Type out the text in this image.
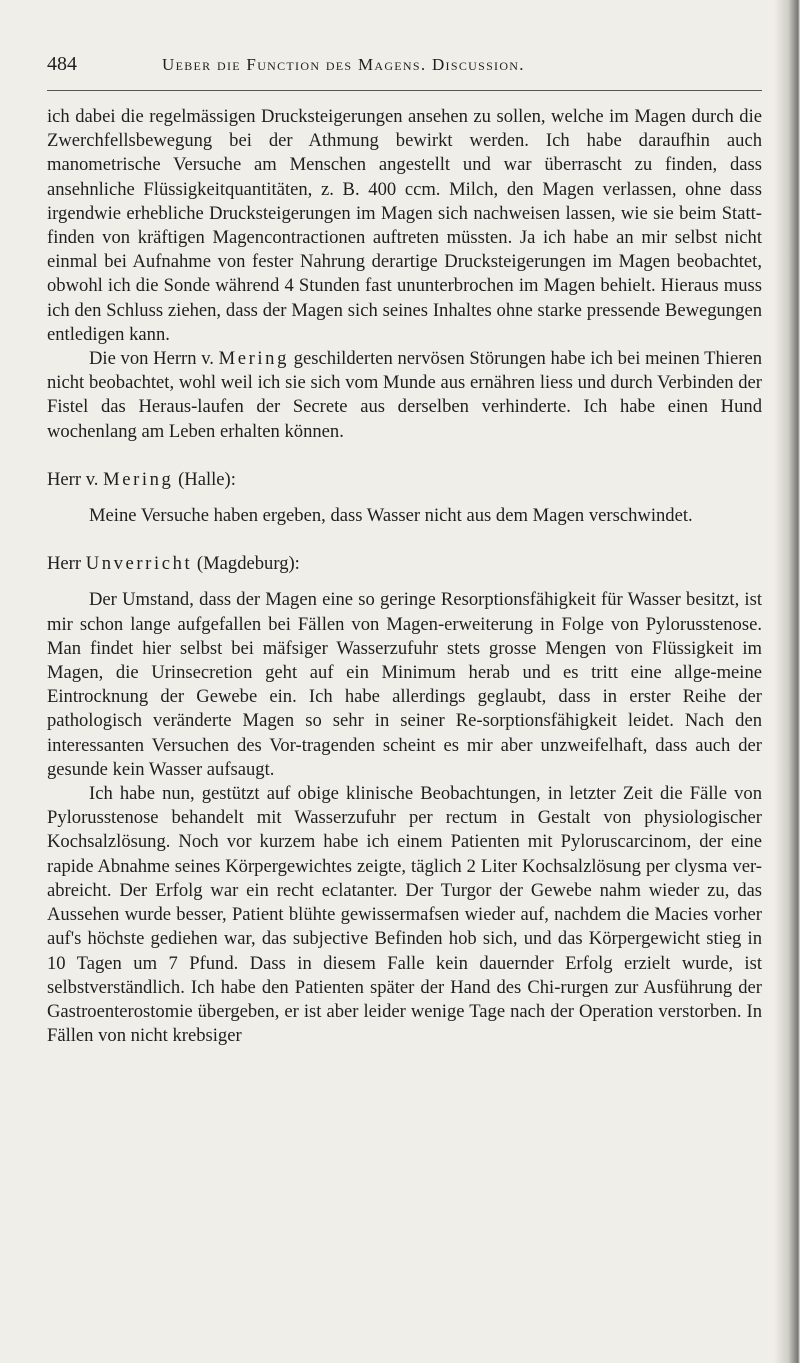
484	Ueber die Function des Magens. Discussion.

ich dabei die regelmässigen Drucksteigerungen ansehen zu sollen, welche im Magen durch die Zwerchfellsbewegung bei der Athmung bewirkt werden. Ich habe daraufhin auch manometrische Versuche am Menschen angestellt und war überrascht zu finden, dass ansehnliche Flüssigkeitquantitäten, z. B. 400 ccm. Milch, den Magen verlassen, ohne dass irgendwie erhebliche Drucksteigerungen im Magen sich nachweisen lassen, wie sie beim Statt-finden von kräftigen Magencontractionen auftreten müssten. Ja ich habe an mir selbst nicht einmal bei Aufnahme von fester Nahrung derartige Drucksteigerungen im Magen beobachtet, obwohl ich die Sonde während 4 Stunden fast ununterbrochen im Magen behielt. Hieraus muss ich den Schluss ziehen, dass der Magen sich seines Inhaltes ohne starke pressende Bewegungen entledigen kann.

Die von Herrn v. Mering geschilderten nervösen Störungen habe ich bei meinen Thieren nicht beobachtet, wohl weil ich sie sich vom Munde aus ernähren liess und durch Verbinden der Fistel das Heraus-laufen der Secrete aus derselben verhinderte. Ich habe einen Hund wochenlang am Leben erhalten können.

Herr v. Mering (Halle):

Meine Versuche haben ergeben, dass Wasser nicht aus dem Magen verschwindet.

Herr Unverricht (Magdeburg):

Der Umstand, dass der Magen eine so geringe Resorptionsfähigkeit für Wasser besitzt, ist mir schon lange aufgefallen bei Fällen von Magen-erweiterung in Folge von Pylorusstenose. Man findet hier selbst bei mäfsiger Wasserzufuhr stets grosse Mengen von Flüssigkeit im Magen, die Urinsecretion geht auf ein Minimum herab und es tritt eine allge-meine Eintrocknung der Gewebe ein. Ich habe allerdings geglaubt, dass in erster Reihe der pathologisch veränderte Magen so sehr in seiner Re-sorptionsfähigkeit leidet. Nach den interessanten Versuchen des Vor-tragenden scheint es mir aber unzweifelhaft, dass auch der gesunde kein Wasser aufsaugt.

Ich habe nun, gestützt auf obige klinische Beobachtungen, in letzter Zeit die Fälle von Pylorusstenose behandelt mit Wasserzufuhr per rectum in Gestalt von physiologischer Kochsalzlösung. Noch vor kurzem habe ich einem Patienten mit Pyloruscarcinom, der eine rapide Abnahme seines Körpergewichtes zeigte, täglich 2 Liter Kochsalzlösung per clysma ver-abreicht. Der Erfolg war ein recht eclatanter. Der Turgor der Gewebe nahm wieder zu, das Aussehen wurde besser, Patient blühte gewissermafsen wieder auf, nachdem die Macies vorher auf's höchste gediehen war, das subjective Befinden hob sich, und das Körpergewicht stieg in 10 Tagen um 7 Pfund. Dass in diesem Falle kein dauernder Erfolg erzielt wurde, ist selbstverständlich. Ich habe den Patienten später der Hand des Chi-rurgen zur Ausführung der Gastroenterostomie übergeben, er ist aber leider wenige Tage nach der Operation verstorben. In Fällen von nicht krebsiger
